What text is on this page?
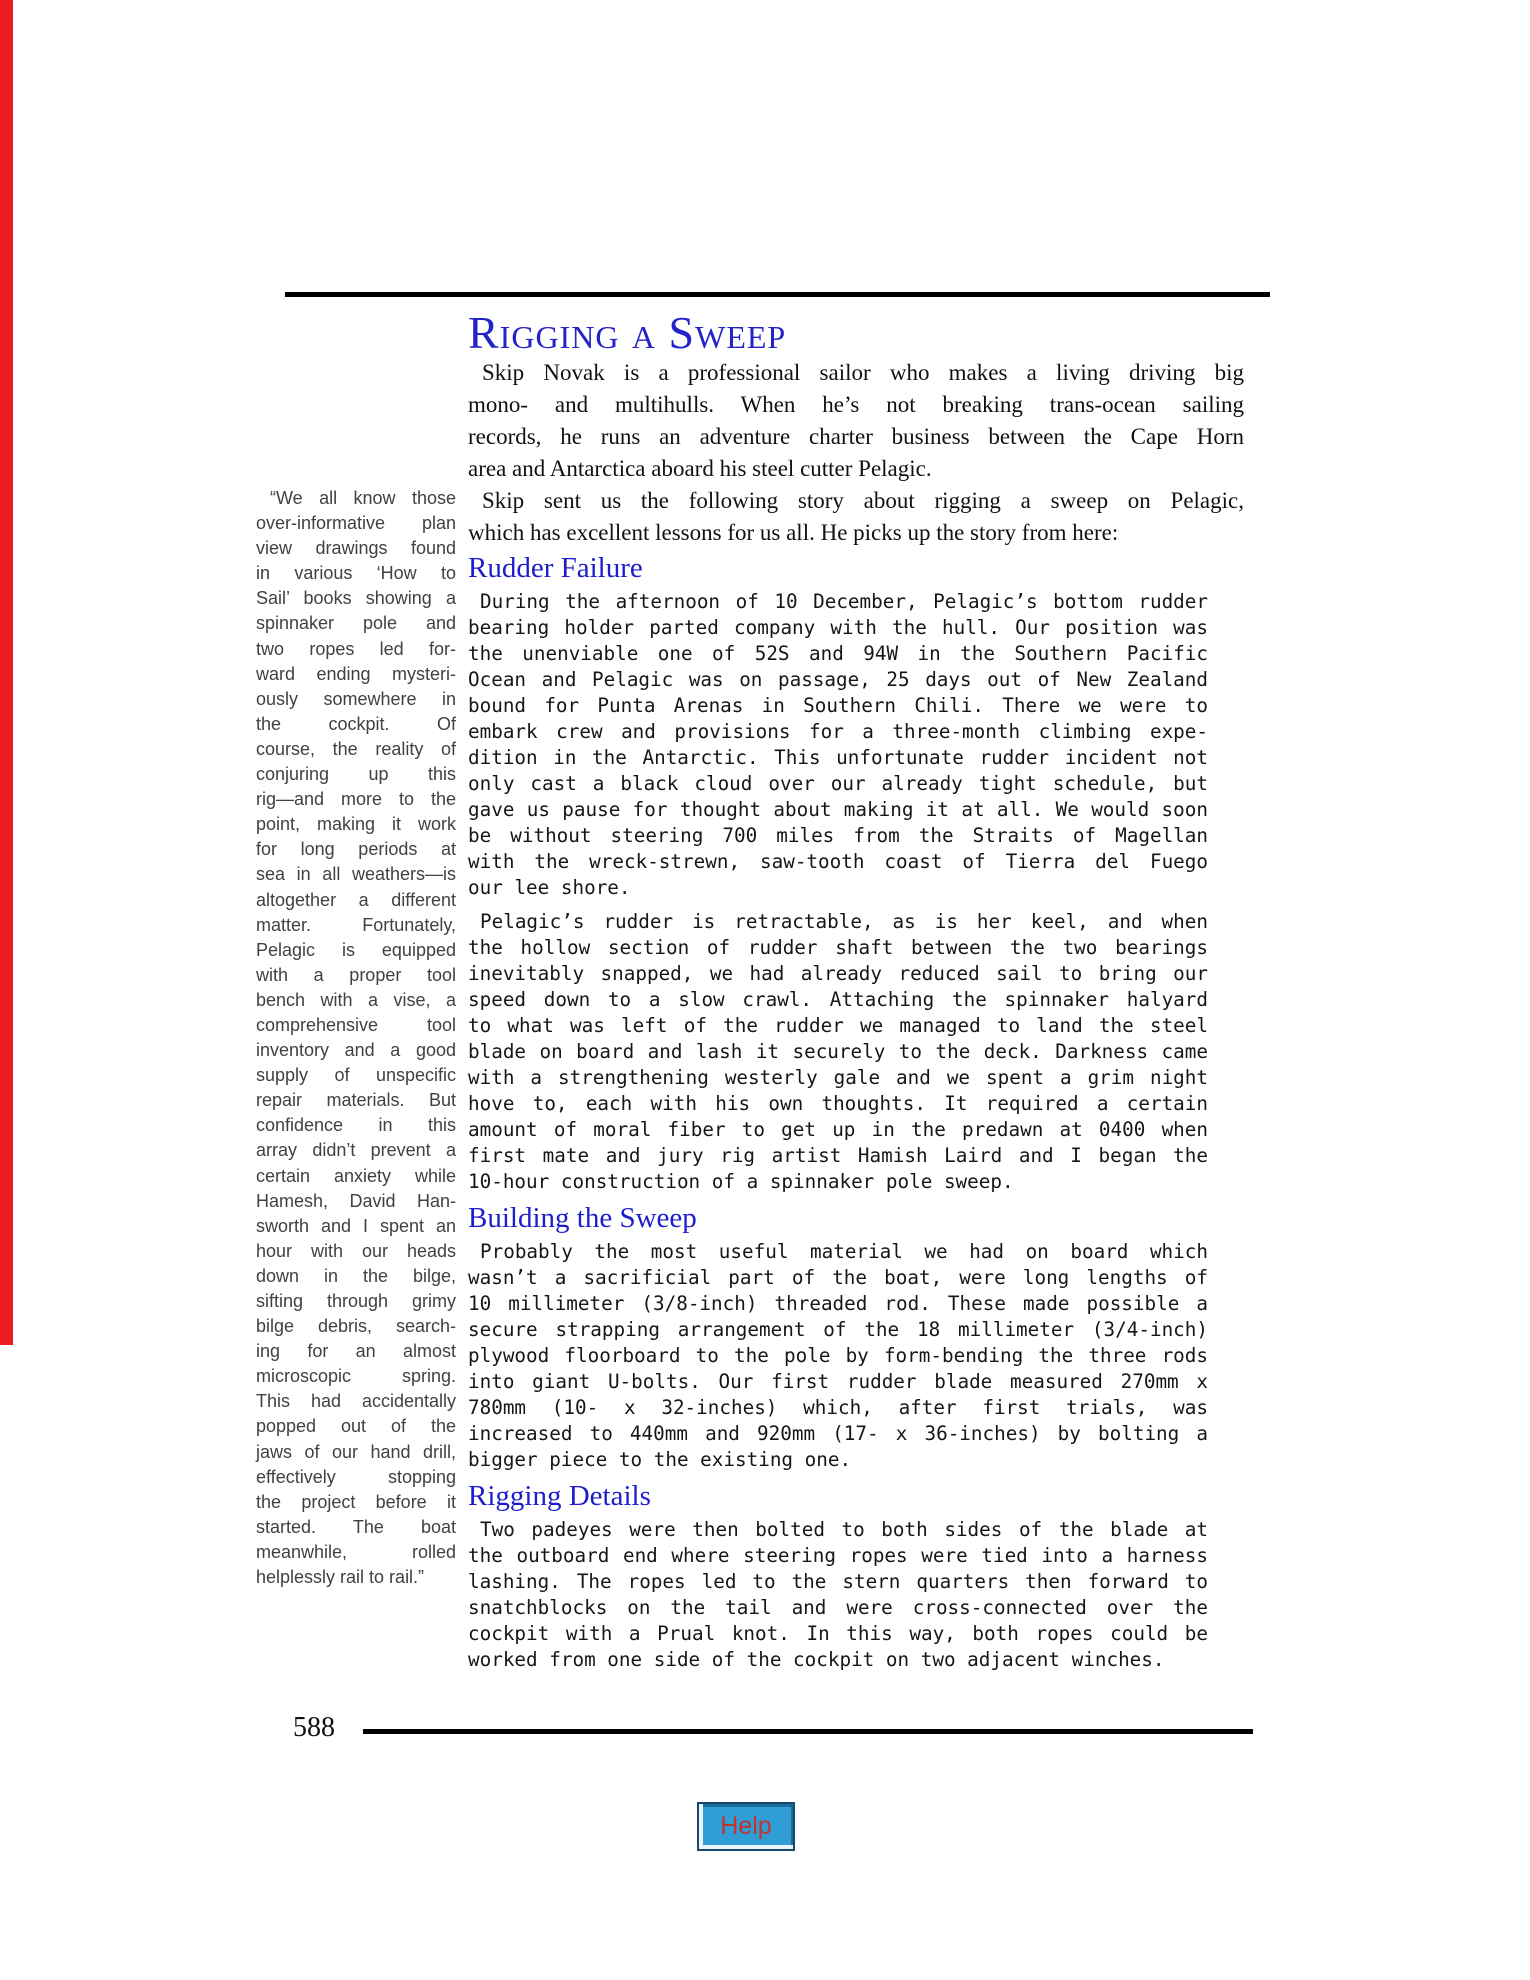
“We all know those
over-informative plan
view drawings found
in various ‘How to
Sail’ books showing a
spinnaker pole and
two ropes led for-
ward ending mysteri-
ously somewhere in
the cockpit. Of
course, the reality of
conjuring up this
rig—and more to the
point, making it work
for long periods at
sea in all weathers—is
altogether a different
matter. Fortunately,
Pelagic is equipped
with a proper tool
bench with a vise, a
comprehensive tool
inventory and a good
supply of unspecific
repair materials. But
confidence in this
array didn’t prevent a
certain anxiety while
Hamesh, David Han-
sworth and I spent an
hour with our heads
down in the bilge,
sifting through grimy
bilge debris, search-
ing for an almost
microscopic spring.
This had accidentally
popped out of the
jaws of our hand drill,
effectively stopping
the project before it
started. The boat
meanwhile, rolled
helplessly rail to rail.”
Rigging a Sweep
Skip Novak is a professional sailor who makes a living driving big
mono- and multihulls. When he’s not breaking trans-ocean sailing
records, he runs an adventure charter business between the Cape Horn
area and Antarctica aboard his steel cutter Pelagic.
Skip sent us the following story about rigging a sweep on Pelagic,
which has excellent lessons for us all. He picks up the story from here:
Rudder Failure
During the afternoon of 10 December, Pelagic’s bottom rudder
bearing holder parted company with the hull. Our position was
the unenviable one of 52S and 94W in the Southern Pacific
Ocean and Pelagic was on passage, 25 days out of New Zealand
bound for Punta Arenas in Southern Chili. There we were to
embark crew and provisions for a three-month climbing expe-
dition in the Antarctic. This unfortunate rudder incident not
only cast a black cloud over our already tight schedule, but
gave us pause for thought about making it at all. We would soon
be without steering 700 miles from the Straits of Magellan
with the wreck-strewn, saw-tooth coast of Tierra del Fuego
our lee shore.
Pelagic’s rudder is retractable, as is her keel, and when
the hollow section of rudder shaft between the two bearings
inevitably snapped, we had already reduced sail to bring our
speed down to a slow crawl. Attaching the spinnaker halyard
to what was left of the rudder we managed to land the steel
blade on board and lash it securely to the deck. Darkness came
with a strengthening westerly gale and we spent a grim night
hove to, each with his own thoughts. It required a certain
amount of moral fiber to get up in the predawn at 0400 when
first mate and jury rig artist Hamish Laird and I began the
10-hour construction of a spinnaker pole sweep.
Building the Sweep
Probably the most useful material we had on board which
wasn’t a sacrificial part of the boat, were long lengths of
10 millimeter (3/8-inch) threaded rod. These made possible a
secure strapping arrangement of the 18 millimeter (3/4-inch)
plywood floorboard to the pole by form-bending the three rods
into giant U-bolts. Our first rudder blade measured 270mm x
780mm (10- x 32-inches) which, after first trials, was
increased to 440mm and 920mm (17- x 36-inches) by bolting a
bigger piece to the existing one.
Rigging Details
Two padeyes were then bolted to both sides of the blade at
the outboard end where steering ropes were tied into a harness
lashing. The ropes led to the stern quarters then forward to
snatchblocks on the tail and were cross-connected over the
cockpit with a Prual knot. In this way, both ropes could be
worked from one side of the cockpit on two adjacent winches.
588
Help
